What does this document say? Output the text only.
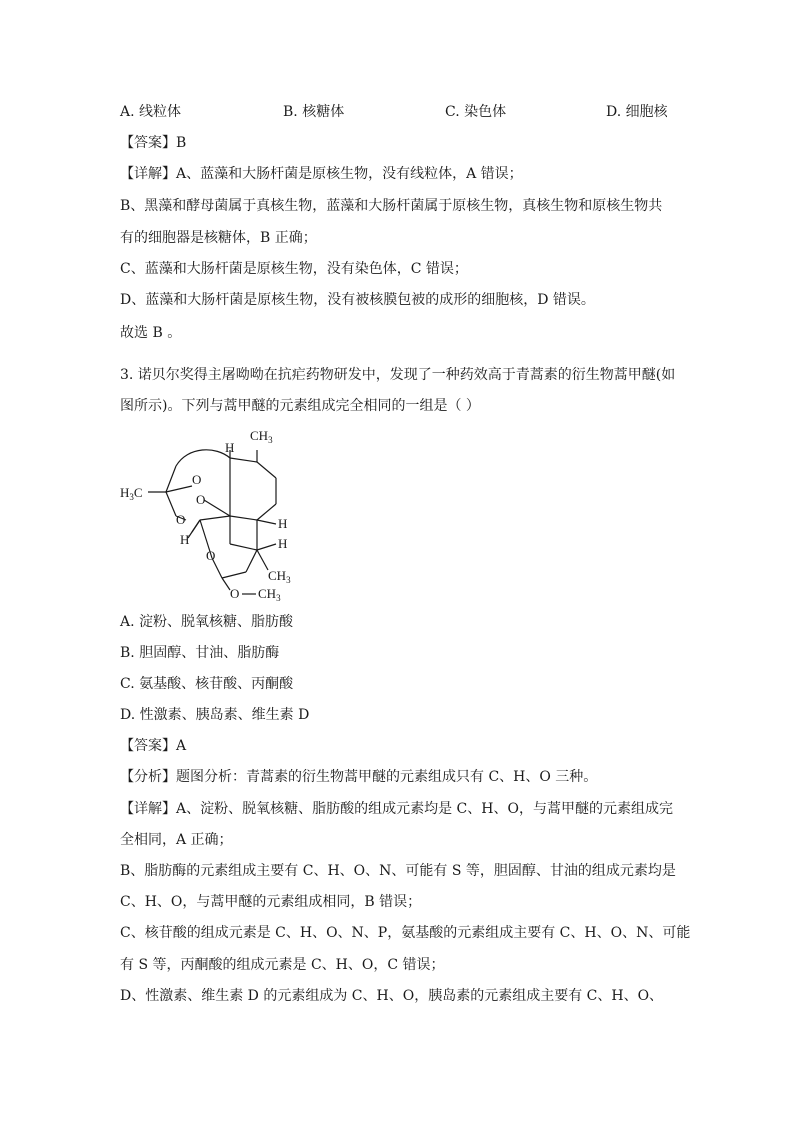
A. 线粒体	B. 核糖体	C. 染色体	D. 细胞核
【答案】B
【详解】A、蓝藻和大肠杆菌是原核生物，没有线粒体，A 错误；
B、黑藻和酵母菌属于真核生物，蓝藻和大肠杆菌属于原核生物，真核生物和原核生物共
有的细胞器是核糖体，B 正确；
C、蓝藻和大肠杆菌是原核生物，没有染色体，C 错误；
D、蓝藻和大肠杆菌是原核生物，没有被核膜包被的成形的细胞核，D 错误。
故选 B 。
3. 诺贝尔奖得主屠呦呦在抗疟药物研发中，发现了一种药效高于青蒿素的衍生物蒿甲醚(如
图所示)。下列与蒿甲醚的元素组成完全相同的一组是（ ）
$CH_3$
H
$H_3C$
O
O
O
H
H
H
O
$CH_3$
O $CH_3$
A. 淀粉、脱氧核糖、脂肪酸
B. 胆固醇、甘油、脂肪酶
C. 氨基酸、核苷酸、丙酮酸
D. 性激素、胰岛素、维生素 D
【答案】A
【分析】题图分析：青蒿素的衍生物蒿甲醚的元素组成只有 C、H、O 三种。
【详解】A、淀粉、脱氧核糖、脂肪酸的组成元素均是 C、H、O，与蒿甲醚的元素组成完
全相同，A 正确；
B、脂肪酶的元素组成主要有 C、H、O、N、可能有 S 等，胆固醇、甘油的组成元素均是
C、H、O，与蒿甲醚的元素组成相同，B 错误；
C、核苷酸的组成元素是 C、H、O、N、P，氨基酸的元素组成主要有 C、H、O、N、可能
有 S 等，丙酮酸的组成元素是 C、H、O，C 错误；
D、性激素、维生素 D 的元素组成为 C、H、O，胰岛素的元素组成主要有 C、H、O、
